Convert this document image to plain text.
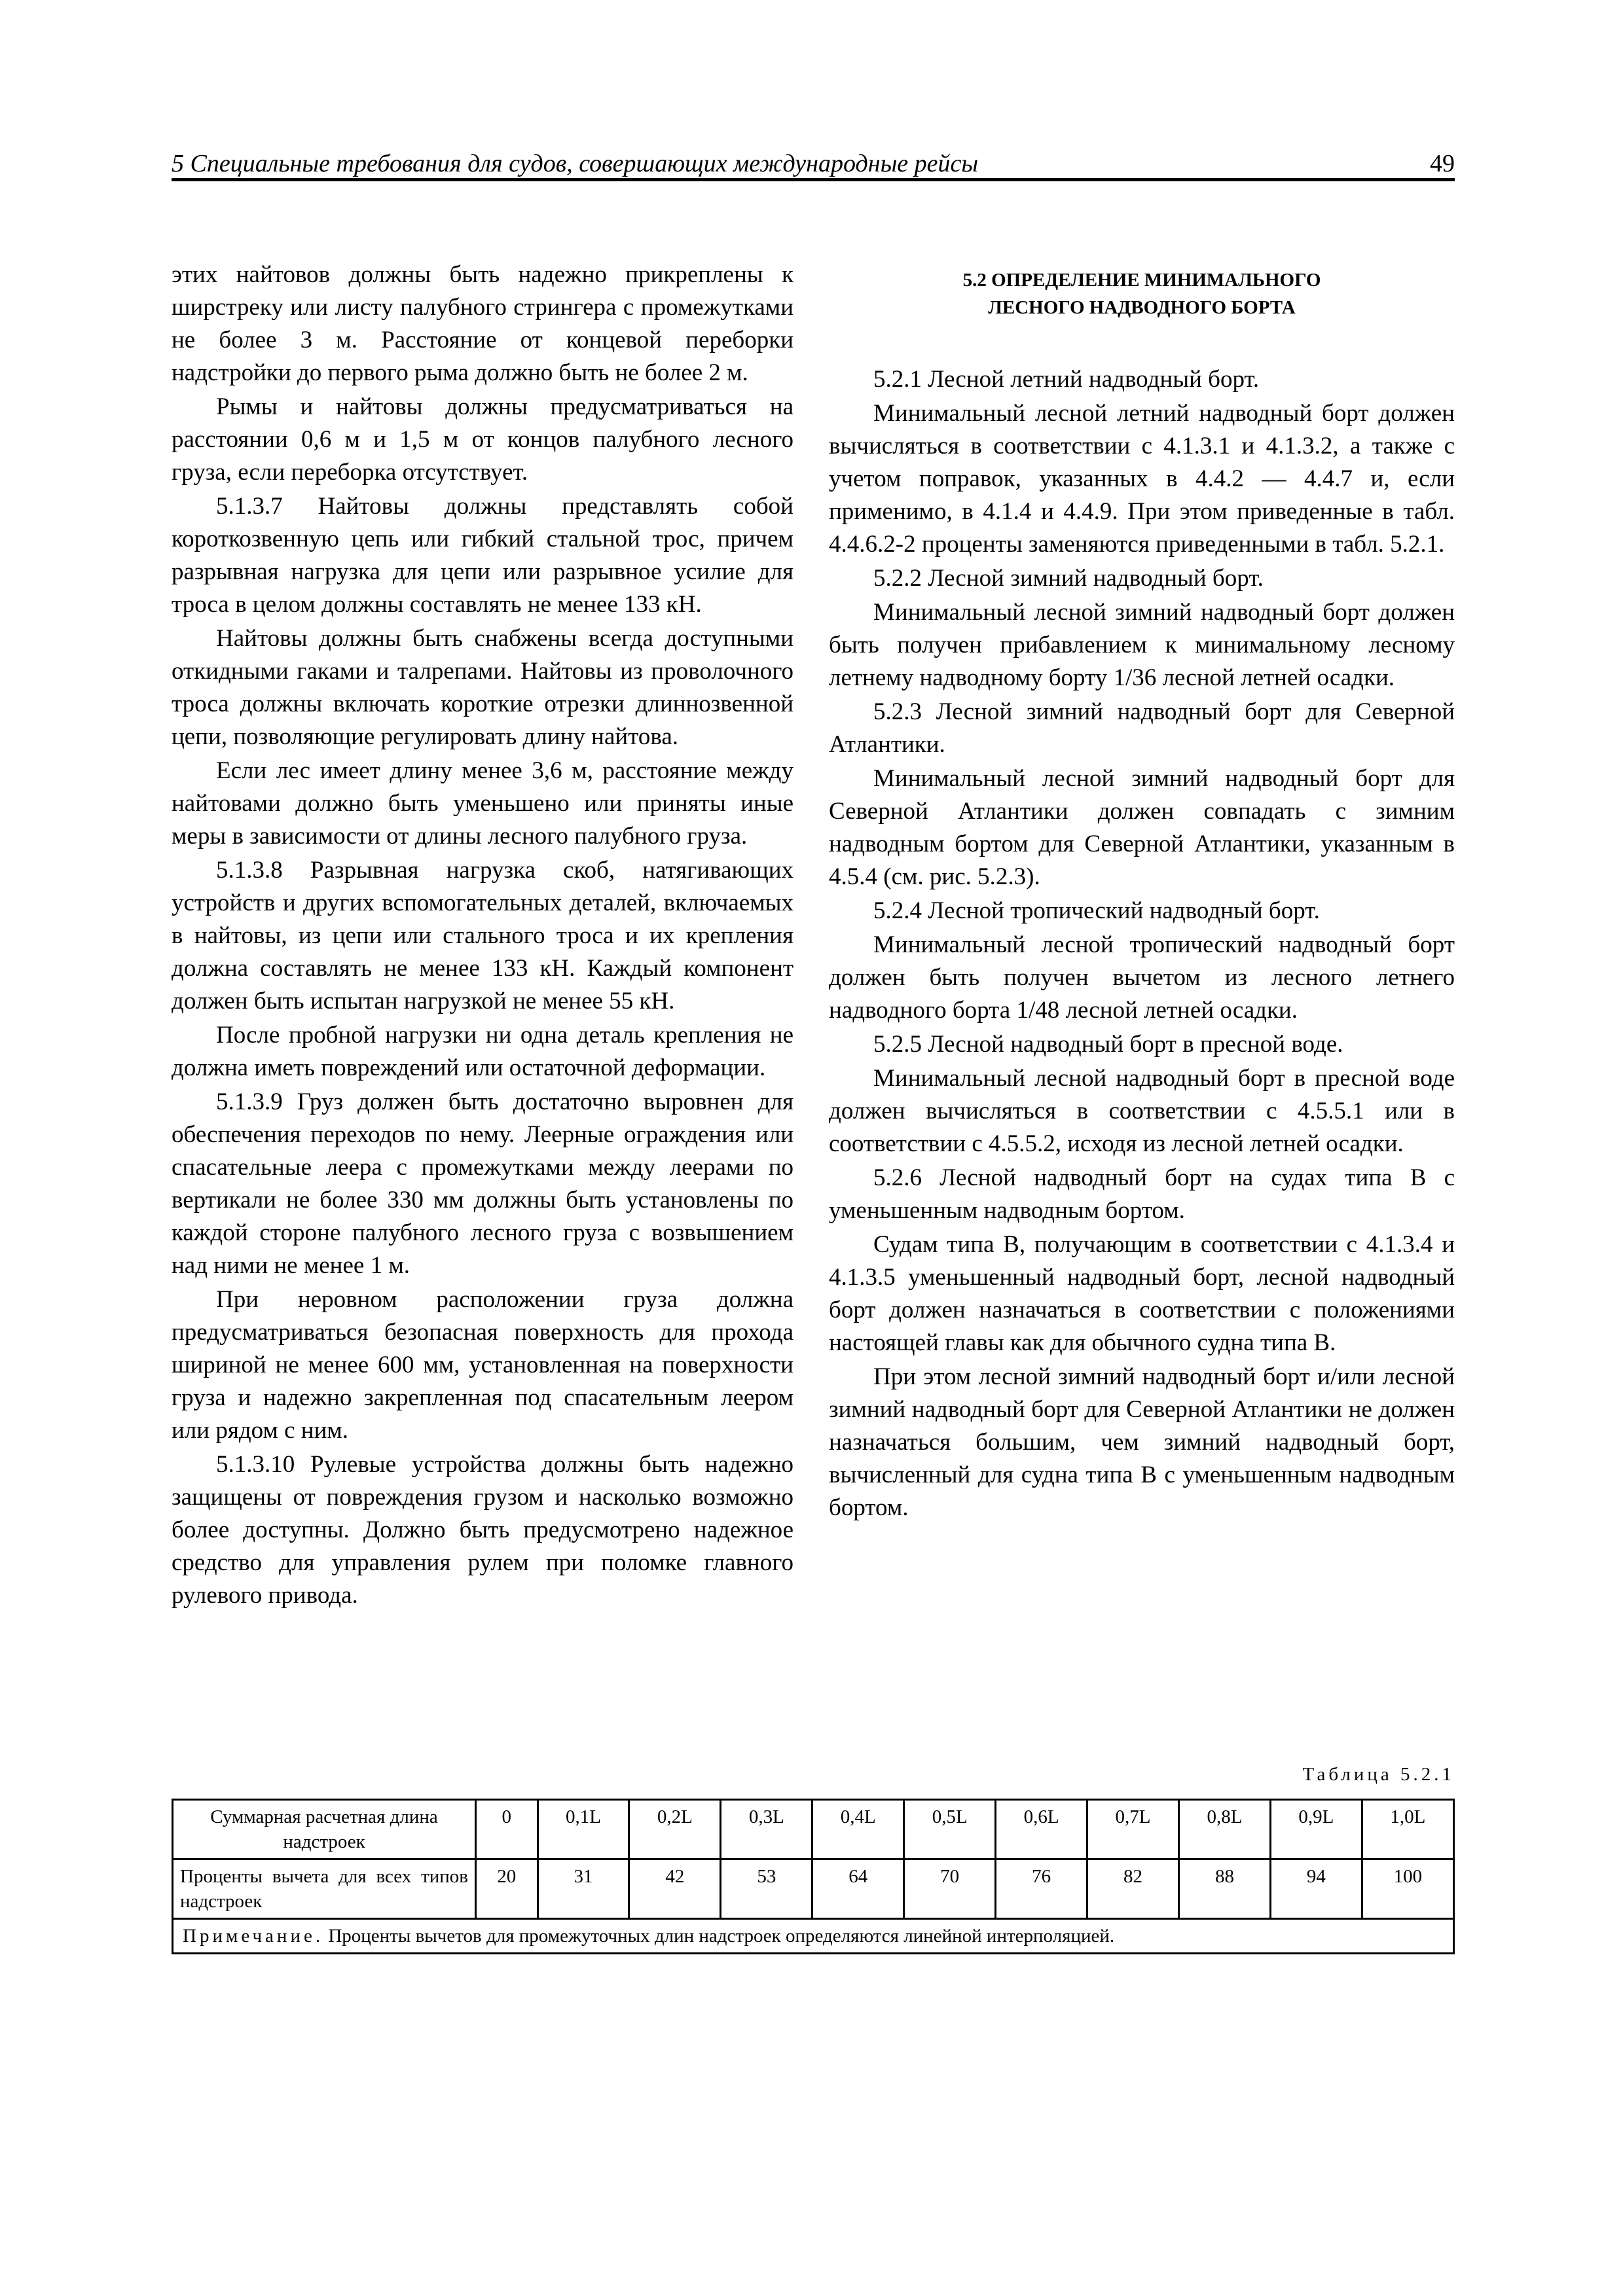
5 Специальные требования для судов, совершающих международные рейсы	49

этих найтовов должны быть надежно прикреплены к ширстреку или листу палубного стрингера с промежутками не более 3 м. Расстояние от концевой переборки надстройки до первого рыма должно быть не более 2 м.

Рымы и найтовы должны предусматриваться на расстоянии 0,6 м и 1,5 м от концов палубного лесного груза, если переборка отсутствует.

5.1.3.7 Найтовы должны представлять собой короткозвенную цепь или гибкий стальной трос, причем разрывная нагрузка для цепи или разрывное усилие для троса в целом должны составлять не менее 133 кН.

Найтовы должны быть снабжены всегда доступными откидными гаками и талрепами. Найтовы из проволочного троса должны включать короткие отрезки длиннозвенной цепи, позволяющие регулировать длину найтова.

Если лес имеет длину менее 3,6 м, расстояние между найтовами должно быть уменьшено или приняты иные меры в зависимости от длины лесного палубного груза.

5.1.3.8 Разрывная нагрузка скоб, натягивающих устройств и других вспомогательных деталей, включаемых в найтовы, из цепи или стального троса и их крепления должна составлять не менее 133 кН. Каждый компонент должен быть испытан нагрузкой не менее 55 кН.

После пробной нагрузки ни одна деталь крепления не должна иметь повреждений или остаточной деформации.

5.1.3.9 Груз должен быть достаточно выровнен для обеспечения переходов по нему. Леерные ограждения или спасательные леера с промежутками между леерами по вертикали не более 330 мм должны быть установлены по каждой стороне палубного лесного груза с возвышением над ними не менее 1 м.

При неровном расположении груза должна предусматриваться безопасная поверхность для прохода шириной не менее 600 мм, установленная на поверхности груза и надежно закрепленная под спасательным леером или рядом с ним.

5.1.3.10 Рулевые устройства должны быть надежно защищены от повреждения грузом и насколько возможно более доступны. Должно быть предусмотрено надежное средство для управления рулем при поломке главного рулевого привода.

5.2 ОПРЕДЕЛЕНИЕ МИНИМАЛЬНОГО
ЛЕСНОГО НАДВОДНОГО БОРТА

5.2.1 Лесной летний надводный борт.

Минимальный лесной летний надводный борт должен вычисляться в соответствии с 4.1.3.1 и 4.1.3.2, а также с учетом поправок, указанных в 4.4.2 — 4.4.7 и, если применимо, в 4.1.4 и 4.4.9. При этом приведенные в табл. 4.4.6.2-2 проценты заменяются приведенными в табл. 5.2.1.

5.2.2 Лесной зимний надводный борт.

Минимальный лесной зимний надводный борт должен быть получен прибавлением к минимальному лесному летнему надводному борту 1/36 лесной летней осадки.

5.2.3 Лесной зимний надводный борт для Северной Атлантики.

Минимальный лесной зимний надводный борт для Северной Атлантики должен совпадать с зимним надводным бортом для Северной Атлантики, указанным в 4.5.4 (см. рис. 5.2.3).

5.2.4 Лесной тропический надводный борт.

Минимальный лесной тропический надводный борт должен быть получен вычетом из лесного летнего надводного борта 1/48 лесной летней осадки.

5.2.5 Лесной надводный борт в пресной воде.

Минимальный лесной надводный борт в пресной воде должен вычисляться в соответствии с 4.5.5.1 или в соответствии с 4.5.5.2, исходя из лесной летней осадки.

5.2.6 Лесной надводный борт на судах типа В с уменьшенным надводным бортом.

Судам типа В, получающим в соответствии с 4.1.3.4 и 4.1.3.5 уменьшенный надводный борт, лесной надводный борт должен назначаться в соответствии с положениями настоящей главы как для обычного судна типа В.

При этом лесной зимний надводный борт и/или лесной зимний надводный борт для Северной Атлантики не должен назначаться большим, чем зимний надводный борт, вычисленный для судна типа В с уменьшенным надводным бортом.

Таблица 5.2.1
Суммарная расчетная длина надстроек	0	0,1L	0,2L	0,3L	0,4L	0,5L	0,6L	0,7L	0,8L	0,9L	1,0L
Проценты вычета для всех типов надстроек	20	31	42	53	64	70	76	82	88	94	100
Примечание. Проценты вычетов для промежуточных длин надстроек определяются линейной интерполяцией.											
